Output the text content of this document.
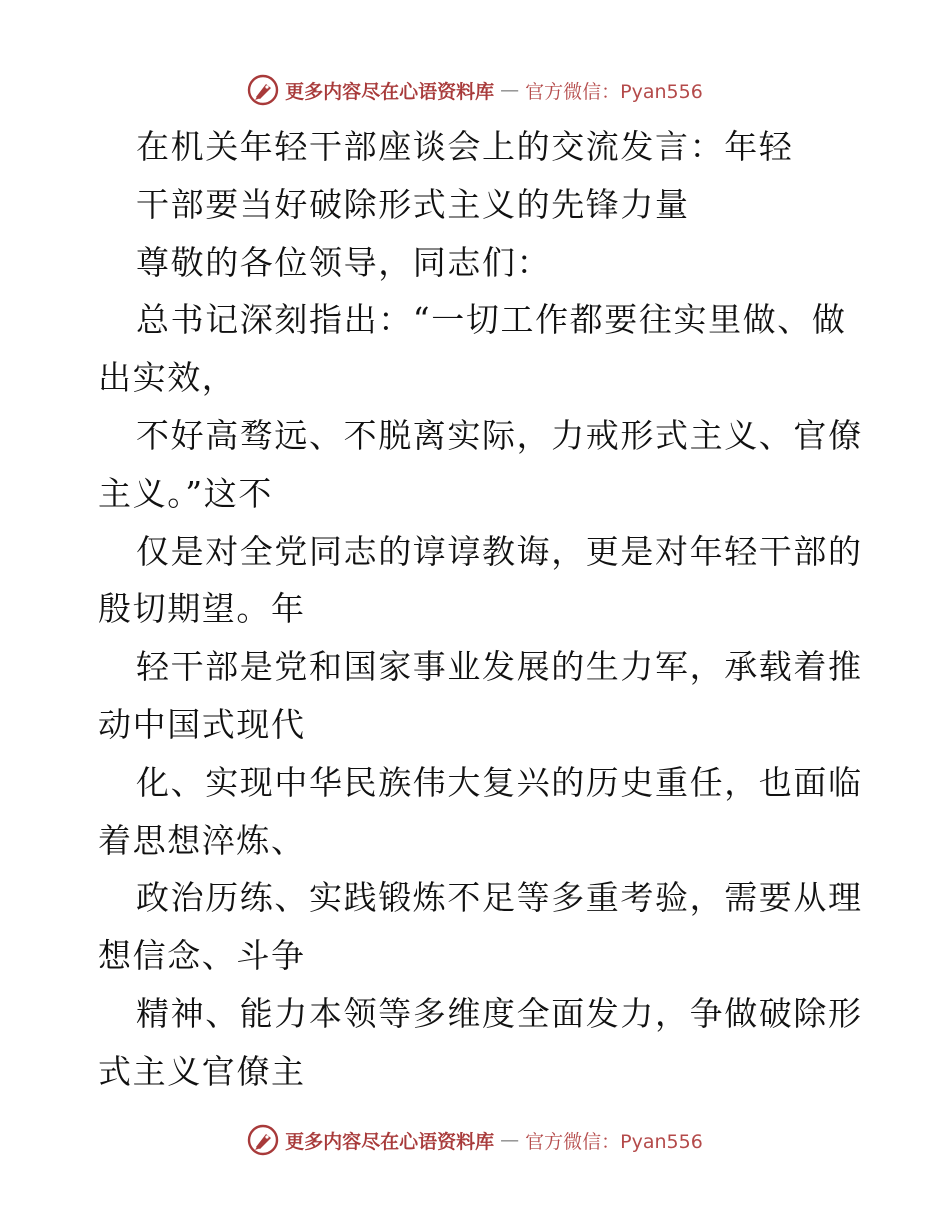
更多内容尽在心语资料库 — 官方微信：Pyan556
在机关年轻干部座谈会上的交流发言：年轻
干部要当好破除形式主义的先锋力量
尊敬的各位领导，同志们：
总书记深刻指出：“一切工作都要往实里做、做
出实效，
不好高骛远、不脱离实际，力戒形式主义、官僚
主义。”这不
仅是对全党同志的谆谆教诲，更是对年轻干部的
殷切期望。年
轻干部是党和国家事业发展的生力军，承载着推
动中国式现代
化、实现中华民族伟大复兴的历史重任，也面临
着思想淬炼、
政治历练、实践锻炼不足等多重考验，需要从理
想信念、斗争
精神、能力本领等多维度全面发力，争做破除形
式主义官僚主
更多内容尽在心语资料库 — 官方微信：Pyan556
